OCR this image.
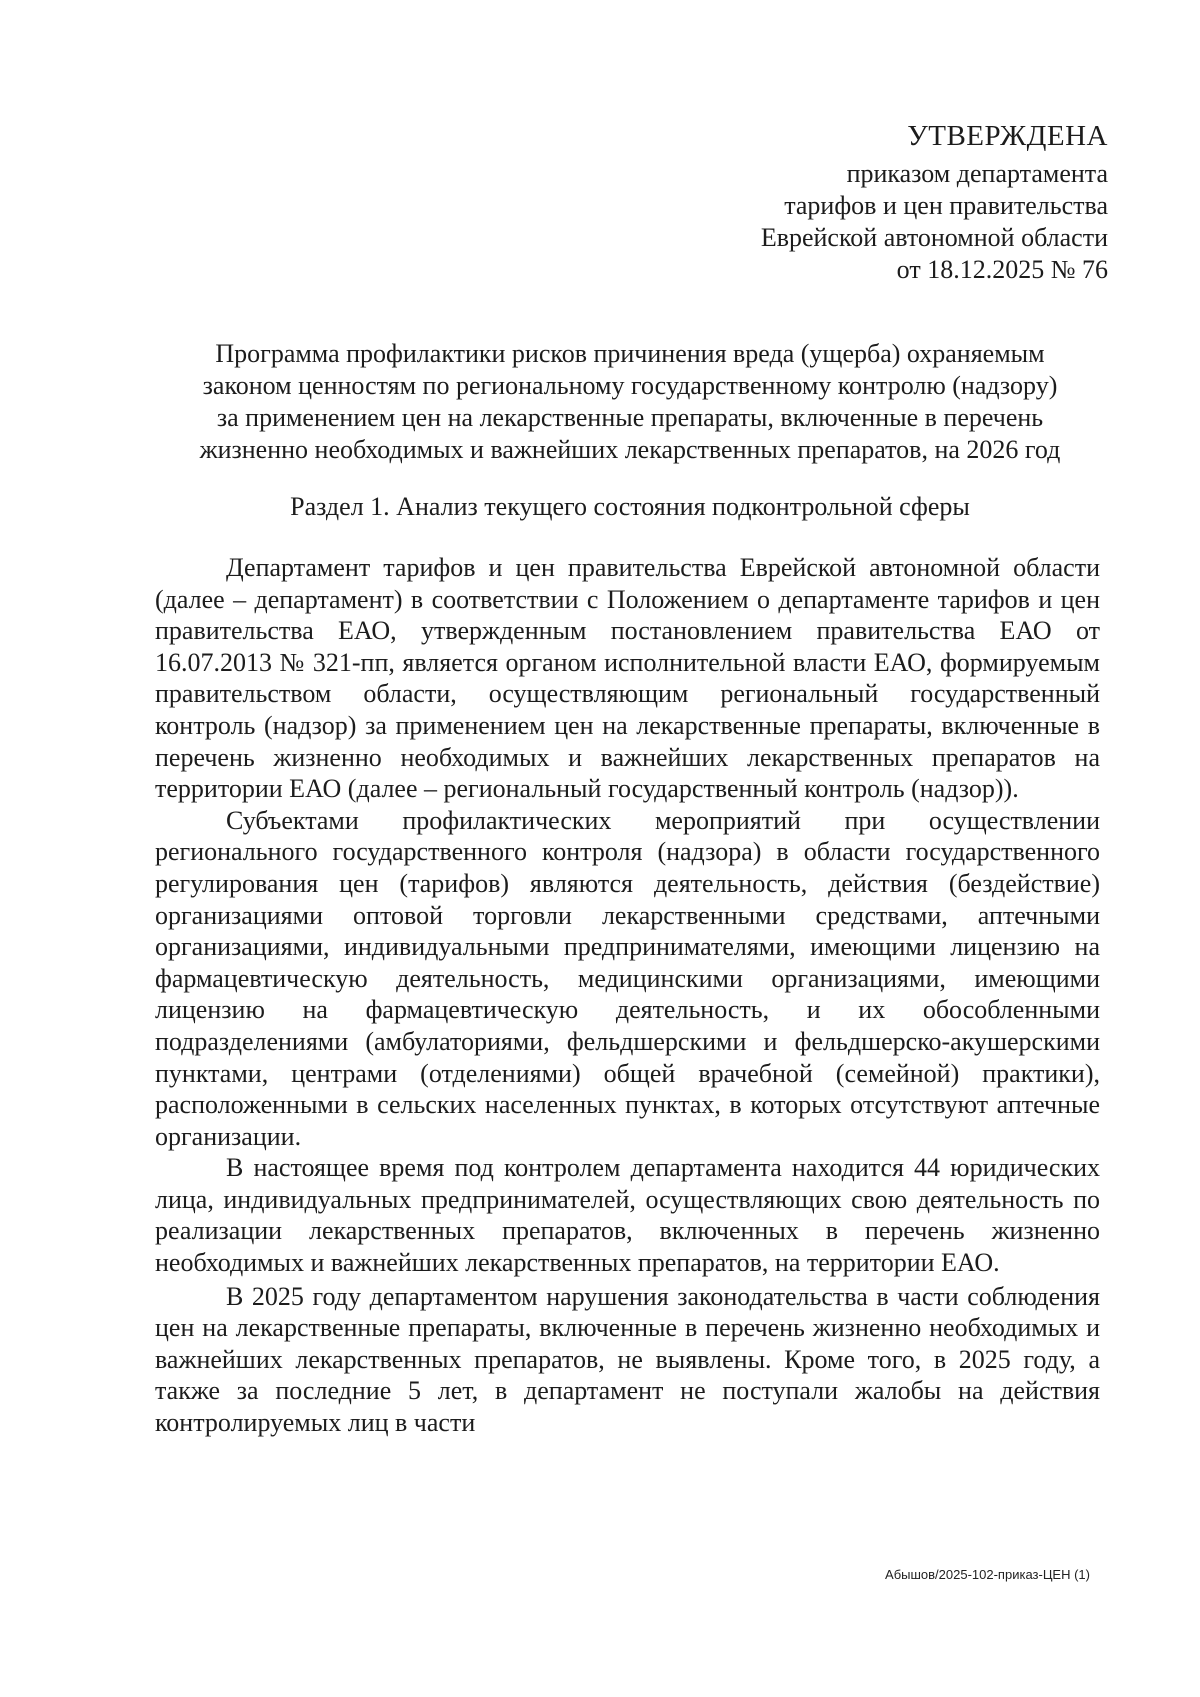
УТВЕРЖДЕНА
приказом департамента
тарифов и цен правительства
Еврейской автономной области
от 18.12.2025 № 76
Программа профилактики рисков причинения вреда (ущерба) охраняемым
законом ценностям по региональному государственному контролю (надзору)
за применением цен на лекарственные препараты, включенные в перечень
жизненно необходимых и важнейших лекарственных препаратов, на 2026 год
Раздел 1. Анализ текущего состояния подконтрольной сферы

Департамент тарифов и цен правительства Еврейской автономной области (далее – департамент) в соответствии с Положением о департаменте тарифов и цен правительства ЕАО, утвержденным постановлением правительства ЕАО от 16.07.2013 № 321-пп, является органом исполнительной власти ЕАО, формируемым правительством области, осуществляющим региональный государственный контроль (надзор) за применением цен на лекарственные препараты, включенные в перечень жизненно необходимых и важнейших лекарственных препаратов на территории ЕАО (далее – региональный государственный контроль (надзор)).

Субъектами профилактических мероприятий при осуществлении регионального государственного контроля (надзора) в области государственного регулирования цен (тарифов) являются деятельность, действия (бездействие) организациями оптовой торговли лекарственными средствами, аптечными организациями, индивидуальными предпринимателями, имеющими лицензию на фармацевтическую деятельность, медицинскими организациями, имеющими лицензию на фармацевтическую деятельность, и их обособленными подразделениями (амбулаториями, фельдшерскими и фельдшерско-акушерскими пунктами, центрами (отделениями) общей врачебной (семейной) практики), расположенными в сельских населенных пунктах, в которых отсутствуют аптечные организации.

В настоящее время под контролем департамента находится 44 юридических лица, индивидуальных предпринимателей, осуществляющих свою деятельность по реализации лекарственных препаратов, включенных в перечень жизненно необходимых и важнейших лекарственных препаратов, на территории ЕАО.

В 2025 году департаментом нарушения законодательства в части соблюдения цен на лекарственные препараты, включенные в перечень жизненно необходимых и важнейших лекарственных препаратов, не выявлены. Кроме того, в 2025 году, а также за последние 5 лет, в департамент не поступали жалобы на действия контролируемых лиц в части

Абышов/2025-102-приказ-ЦЕН (1)
